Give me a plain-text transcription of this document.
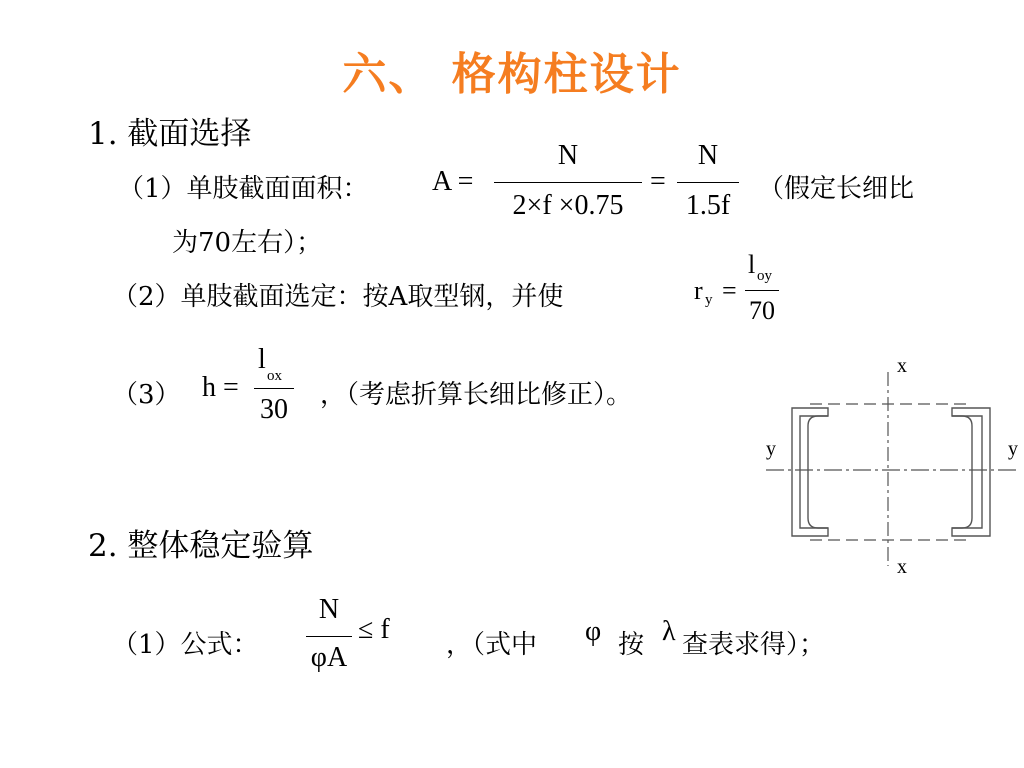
六、 格构柱设计
1. 截面选择
（1）单肢截面面积： A =
N
2×f ×0.75
=
N
1.5f
（假定长细比
为70左右）；
（2）单肢截面选定：按A取型钢，并使	r y =
l oy
70
（3） h =
l
ox
30 ，（考虑折算长细比修正）。
x
x
y	y
2. 整体稳定验算
（1）公式：
N
φA
≤ f ，（式中 φ 按 λ 查表求得）；
